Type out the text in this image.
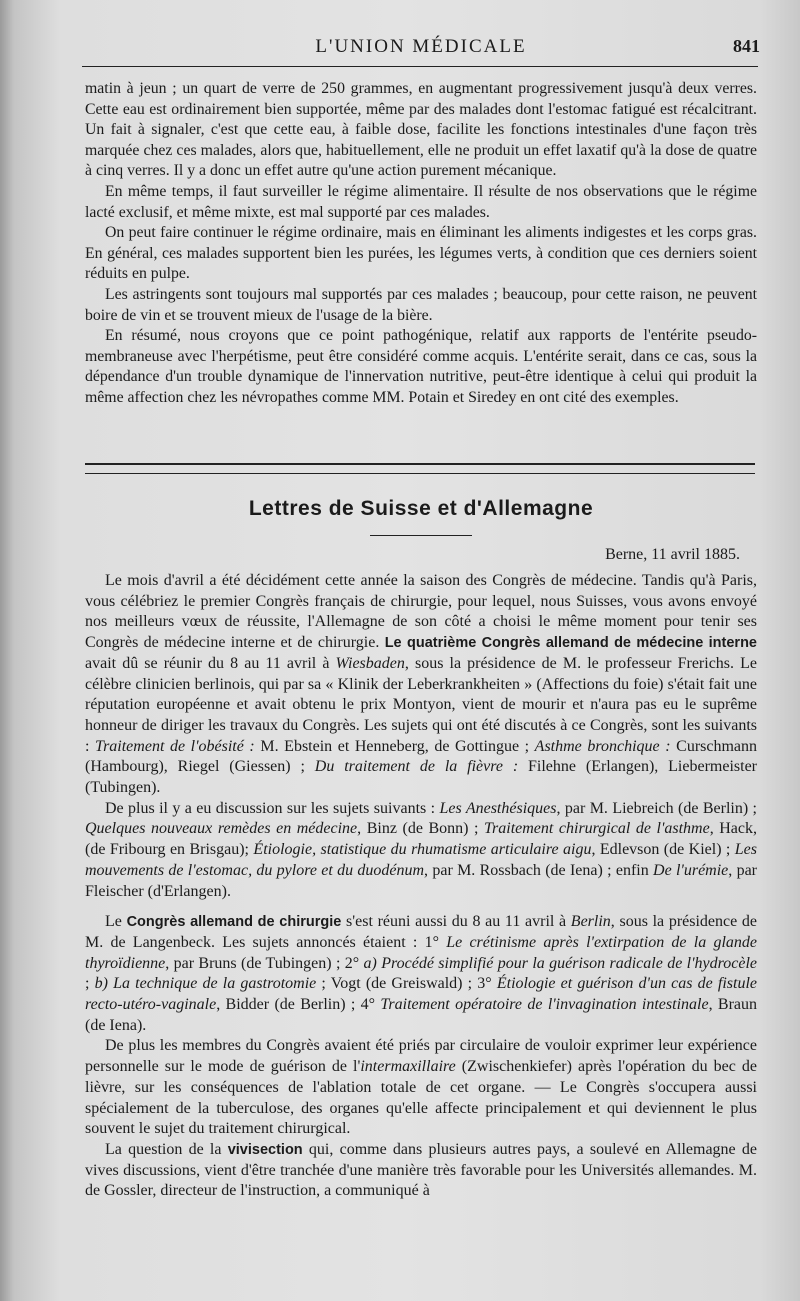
L'UNION MÉDICALE	841

matin à jeun ; un quart de verre de 250 grammes, en augmentant progressivement jusqu'à deux verres. Cette eau est ordinairement bien supportée, même par des malades dont l'estomac fatigué est récalcitrant. Un fait à signaler, c'est que cette eau, à faible dose, facilite les fonctions intestinales d'une façon très marquée chez ces malades, alors que, habituellement, elle ne produit un effet laxatif qu'à la dose de quatre à cinq verres. Il y a donc un effet autre qu'une action purement mécanique.

En même temps, il faut surveiller le régime alimentaire. Il résulte de nos observations que le régime lacté exclusif, et même mixte, est mal supporté par ces malades.

On peut faire continuer le régime ordinaire, mais en éliminant les aliments indigestes et les corps gras. En général, ces malades supportent bien les purées, les légumes verts, à condition que ces derniers soient réduits en pulpe.

Les astringents sont toujours mal supportés par ces malades ; beaucoup, pour cette raison, ne peuvent boire de vin et se trouvent mieux de l'usage de la bière.

En résumé, nous croyons que ce point pathogénique, relatif aux rapports de l'entérite pseudo-membraneuse avec l'herpétisme, peut être considéré comme acquis. L'entérite serait, dans ce cas, sous la dépendance d'un trouble dynamique de l'innervation nutritive, peut-être identique à celui qui produit la même affection chez les névropathes comme MM. Potain et Siredey en ont cité des exemples.

Lettres de Suisse et d'Allemagne
Berne, 11 avril 1885.

Le mois d'avril a été décidément cette année la saison des Congrès de médecine. Tandis qu'à Paris, vous célébriez le premier Congrès français de chirurgie, pour lequel, nous Suisses, vous avons envoyé nos meilleurs vœux de réussite, l'Allemagne de son côté a choisi le même moment pour tenir ses Congrès de médecine interne et de chirurgie. Le quatrième Congrès allemand de médecine interne avait dû se réunir du 8 au 11 avril à Wiesbaden, sous la présidence de M. le professeur Frerichs. Le célèbre clinicien berlinois, qui par sa « Klinik der Leberkrankheiten » (Affections du foie) s'était fait une réputation européenne et avait obtenu le prix Montyon, vient de mourir et n'aura pas eu le suprême honneur de diriger les travaux du Congrès. Les sujets qui ont été discutés à ce Congrès, sont les suivants : Traitement de l'obésité : M. Ebstein et Henneberg, de Gottingue ; Asthme bronchique : Curschmann (Hambourg), Riegel (Giessen) ; Du traitement de la fièvre : Filehne (Erlangen), Liebermeister (Tubingen).

De plus il y a eu discussion sur les sujets suivants : Les Anesthésiques, par M. Liebreich (de Berlin) ; Quelques nouveaux remèdes en médecine, Binz (de Bonn) ; Traitement chirurgical de l'asthme, Hack, (de Fribourg en Brisgau); Étiologie, statistique du rhumatisme articulaire aigu, Edlevson (de Kiel) ; Les mouvements de l'estomac, du pylore et du duodénum, par M. Rossbach (de Iena) ; enfin De l'urémie, par Fleischer (d'Erlangen).

Le Congrès allemand de chirurgie s'est réuni aussi du 8 au 11 avril à Berlin, sous la présidence de M. de Langenbeck. Les sujets annoncés étaient : 1° Le crétinisme après l'extirpation de la glande thyroïdienne, par Bruns (de Tubingen) ; 2° a) Procédé simplifié pour la guérison radicale de l'hydrocèle ; b) La technique de la gastrotomie ; Vogt (de Greiswald) ; 3° Étiologie et guérison d'un cas de fistule recto-utéro-vaginale, Bidder (de Berlin) ; 4° Traitement opératoire de l'invagination intestinale, Braun (de Iena).

De plus les membres du Congrès avaient été priés par circulaire de vouloir exprimer leur expérience personnelle sur le mode de guérison de l'intermaxillaire (Zwischenkiefer) après l'opération du bec de lièvre, sur les conséquences de l'ablation totale de cet organe. — Le Congrès s'occupera aussi spécialement de la tuberculose, des organes qu'elle affecte principalement et qui deviennent le plus souvent le sujet du traitement chirurgical.

La question de la vivisection qui, comme dans plusieurs autres pays, a soulevé en Allemagne de vives discussions, vient d'être tranchée d'une manière très favorable pour les Universités allemandes. M. de Gossler, directeur de l'instruction, a communiqué à
